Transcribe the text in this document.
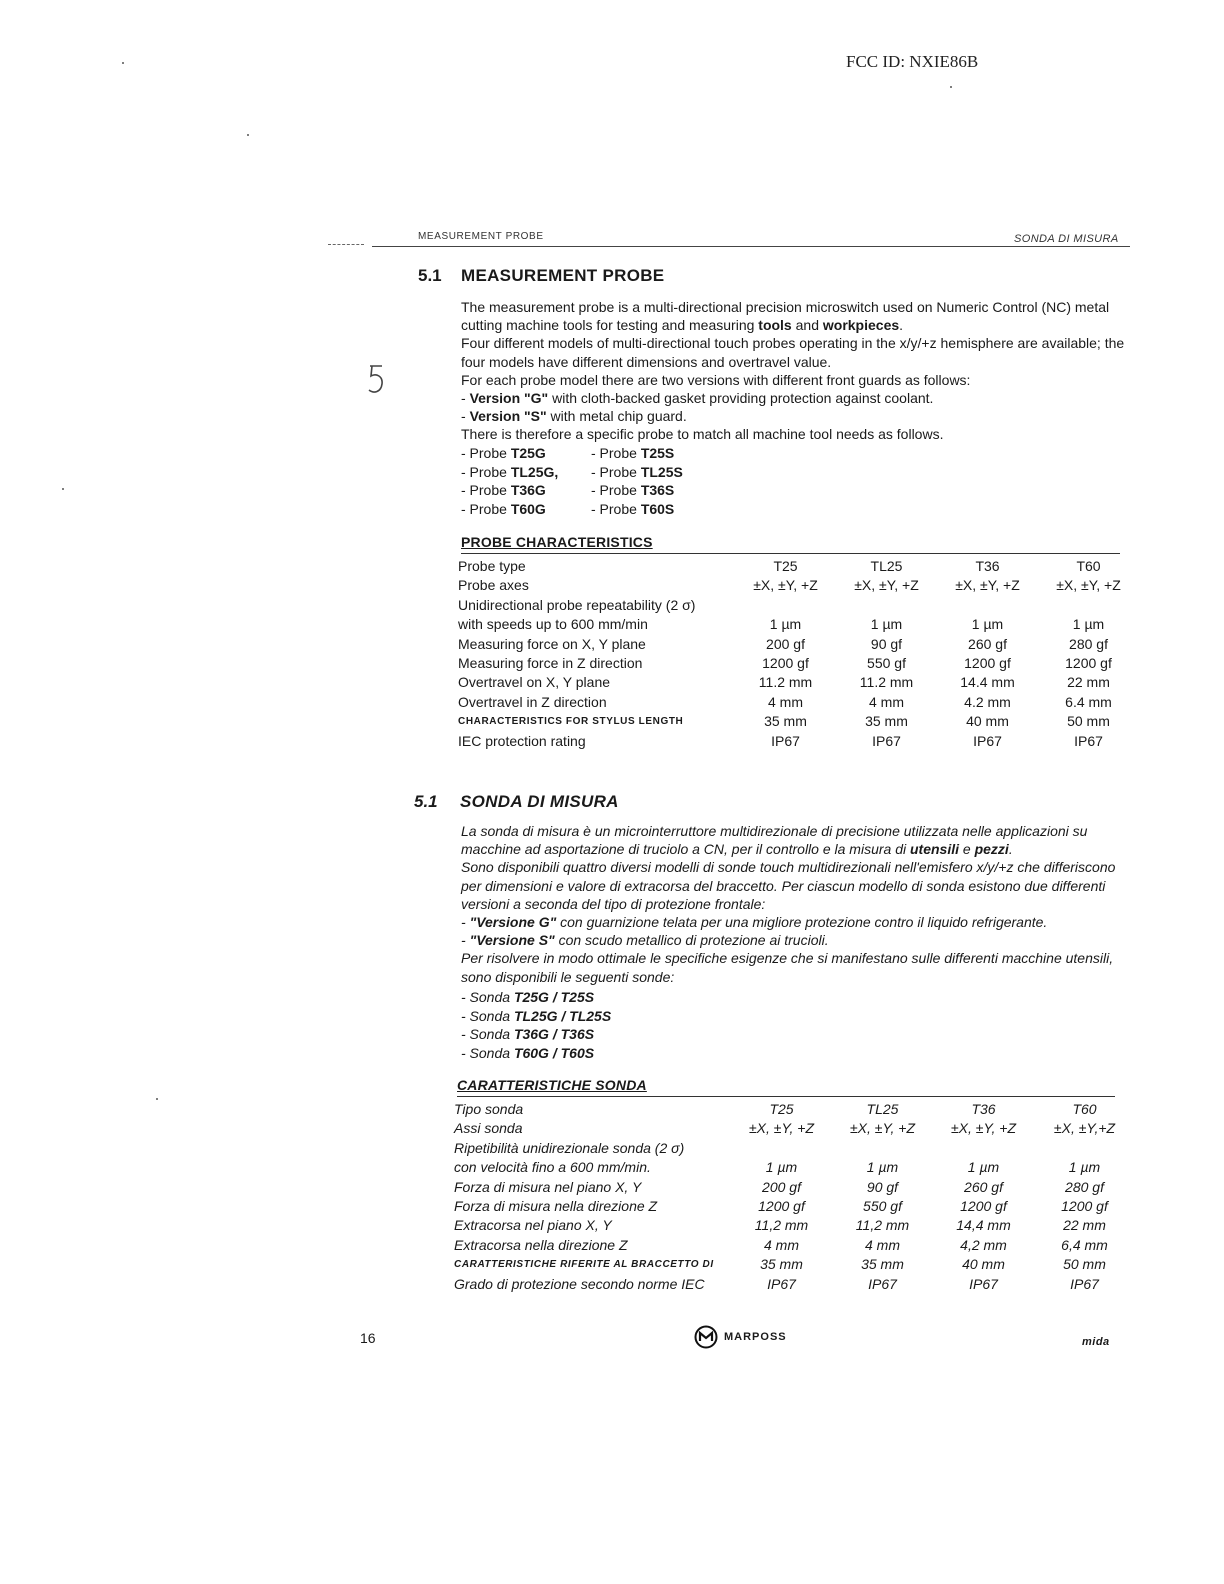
FCC ID: NXIE86B
MEASUREMENT PROBE	SONDA DI MISURA
5.1 MEASUREMENT PROBE

The measurement probe is a multi-directional precision microswitch used on Numeric Control (NC) metal cutting machine tools for testing and measuring tools and workpieces.

Four different models of multi-directional touch probes operating in the x/y/+z hemisphere are available; the four models have different dimensions and overtravel value.

For each probe model there are two versions with different front guards as follows:

- Version "G" with cloth-backed gasket providing protection against coolant.

- Version "S" with metal chip guard.

There is therefore a specific probe to match all machine tool needs as follows.

- Probe T25G	- Probe T25S
- Probe TL25G,	- Probe TL25S
- Probe T36G	- Probe T36S
- Probe T60G	- Probe T60S
PROBE CHARACTERISTICS
Probe type	T25	TL25	T36	T60
Probe axes	±X, ±Y, +Z	±X, ±Y, +Z	±X, ±Y, +Z	±X, ±Y, +Z
Unidirectional probe repeatability (2 σ)				
with speeds up to 600 mm/min	1 µm	1 µm	1 µm	1 µm
Measuring force on X, Y plane	200 gf	90 gf	260 gf	280 gf
Measuring force in Z direction	1200 gf	550 gf	1200 gf	1200 gf
Overtravel on X, Y plane	11.2 mm	11.2 mm	14.4 mm	22 mm
Overtravel in Z direction	4 mm	4 mm	4.2 mm	6.4 mm
CHARACTERISTICS FOR STYLUS LENGTH	35 mm	35 mm	40 mm	50 mm
IEC protection rating	IP67	IP67	IP67	IP67
5.1 SONDA DI MISURA

La sonda di misura è un microinterruttore multidirezionale di precisione utilizzata nelle applicazioni su macchine ad asportazione di truciolo a CN, per il controllo e la misura di utensili e pezzi.

Sono disponibili quattro diversi modelli di sonde touch multidirezionali nell'emisfero x/y/+z che differiscono per dimensioni e valore di extracorsa del braccetto. Per ciascun modello di sonda esistono due differenti versioni a seconda del tipo di protezione frontale:

- "Versione G" con guarnizione telata per una migliore protezione contro il liquido refrigerante.

- "Versione S" con scudo metallico di protezione ai trucioli.

Per risolvere in modo ottimale le specifiche esigenze che si manifestano sulle differenti macchine utensili, sono disponibili le seguenti sonde:

- Sonda T25G / T25S
- Sonda TL25G / TL25S
- Sonda T36G / T36S
- Sonda T60G / T60S
CARATTERISTICHE SONDA
Tipo sonda	T25	TL25	T36	T60
Assi sonda	±X, ±Y, +Z	±X, ±Y, +Z	±X, ±Y, +Z	±X, ±Y,+Z
Ripetibilità unidirezionale sonda (2 σ)				
con velocità fino a 600 mm/min.	1 µm	1 µm	1 µm	1 µm
Forza di misura nel piano X, Y	200 gf	90 gf	260 gf	280 gf
Forza di misura nella direzione Z	1200 gf	550 gf	1200 gf	1200 gf
Extracorsa nel piano X, Y	11,2 mm	11,2 mm	14,4 mm	22 mm
Extracorsa nella direzione Z	4 mm	4 mm	4,2 mm	6,4 mm
CARATTERISTICHE RIFERITE AL BRACCETTO DI	35 mm	35 mm	40 mm	50 mm
Grado di protezione secondo norme IEC	IP67	IP67	IP67	IP67
16	MARPOSS	mida
